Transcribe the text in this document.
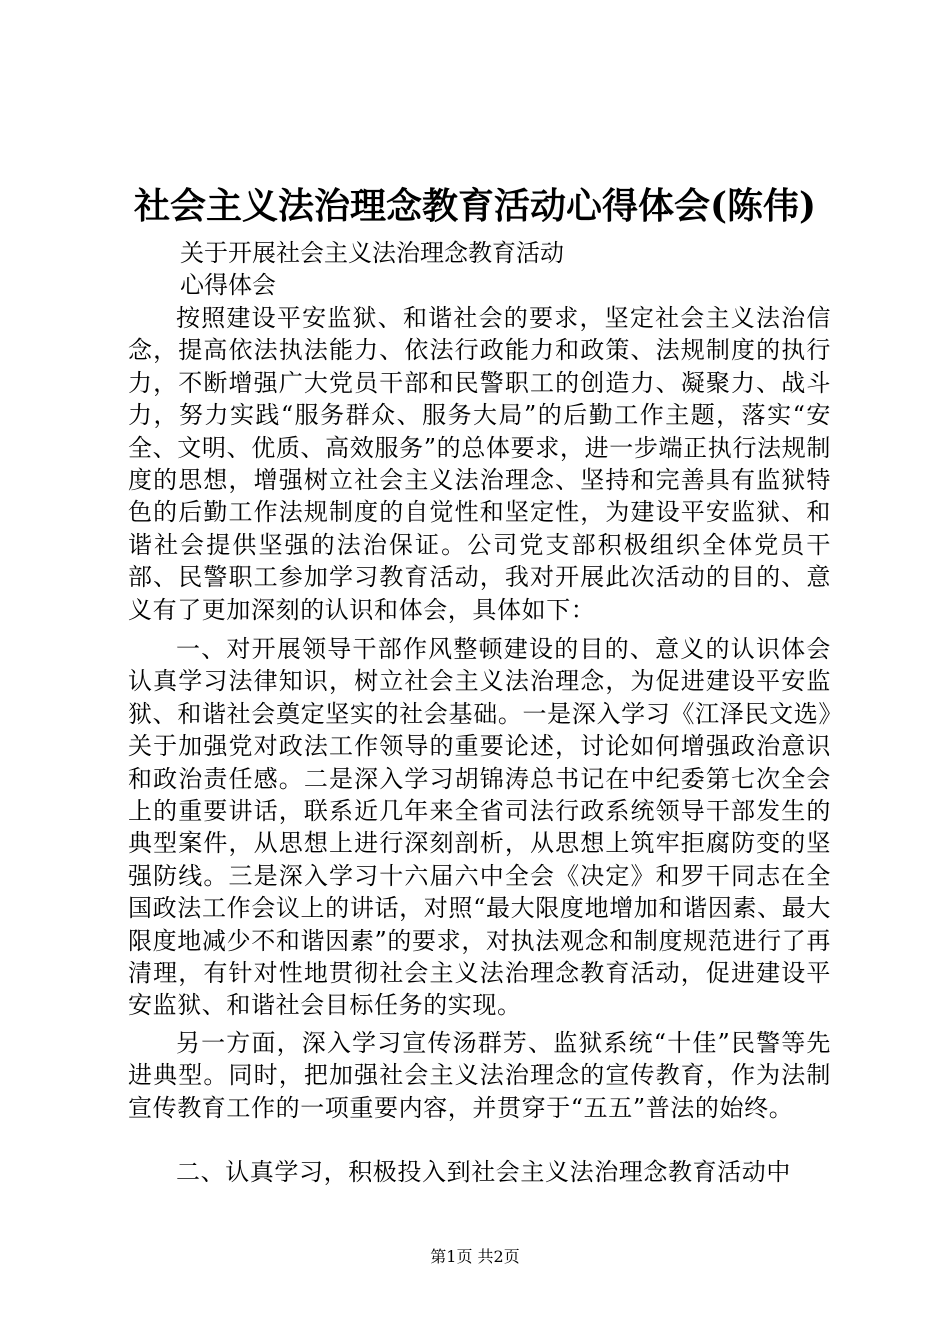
社会主义法治理念教育活动心得体会(陈伟)
关于开展社会主义法治理念教育活动
心得体会

按照建设平安监狱、和谐社会的要求，坚定社会主义法治信念，提高依法执法能力、依法行政能力和政策、法规制度的执行力，不断增强广大党员干部和民警职工的创造力、凝聚力、战斗力，努力实践“服务群众、服务大局”的后勤工作主题，落实“安全、文明、优质、高效服务”的总体要求，进一步端正执行法规制度的思想，增强树立社会主义法治理念、坚持和完善具有监狱特色的后勤工作法规制度的自觉性和坚定性，为建设平安监狱、和谐社会提供坚强的法治保证。公司党支部积极组织全体党员干部、民警职工参加学习教育活动，我对开展此次活动的目的、意义有了更加深刻的认识和体会，具体如下：

一、对开展领导干部作风整顿建设的目的、意义的认识体会认真学习法律知识，树立社会主义法治理念，为促进建设平安监狱、和谐社会奠定坚实的社会基础。一是深入学习《江泽民文选》关于加强党对政法工作领导的重要论述，讨论如何增强政治意识和政治责任感。二是深入学习胡锦涛总书记在中纪委第七次全会上的重要讲话，联系近几年来全省司法行政系统领导干部发生的典型案件，从思想上进行深刻剖析，从思想上筑牢拒腐防变的坚强防线。三是深入学习十六届六中全会《决定》和罗干同志在全国政法工作会议上的讲话，对照“最大限度地增加和谐因素、最大限度地减少不和谐因素”的要求，对执法观念和制度规范进行了再清理，有针对性地贯彻社会主义法治理念教育活动，促进建设平安监狱、和谐社会目标任务的实现。

另一方面，深入学习宣传汤群芳、监狱系统“十佳”民警等先进典型。同时，把加强社会主义法治理念的宣传教育，作为法制宣传教育工作的一项重要内容，并贯穿于“五五”普法的始终。

二、认真学习，积极投入到社会主义法治理念教育活动中

第1页 共2页
